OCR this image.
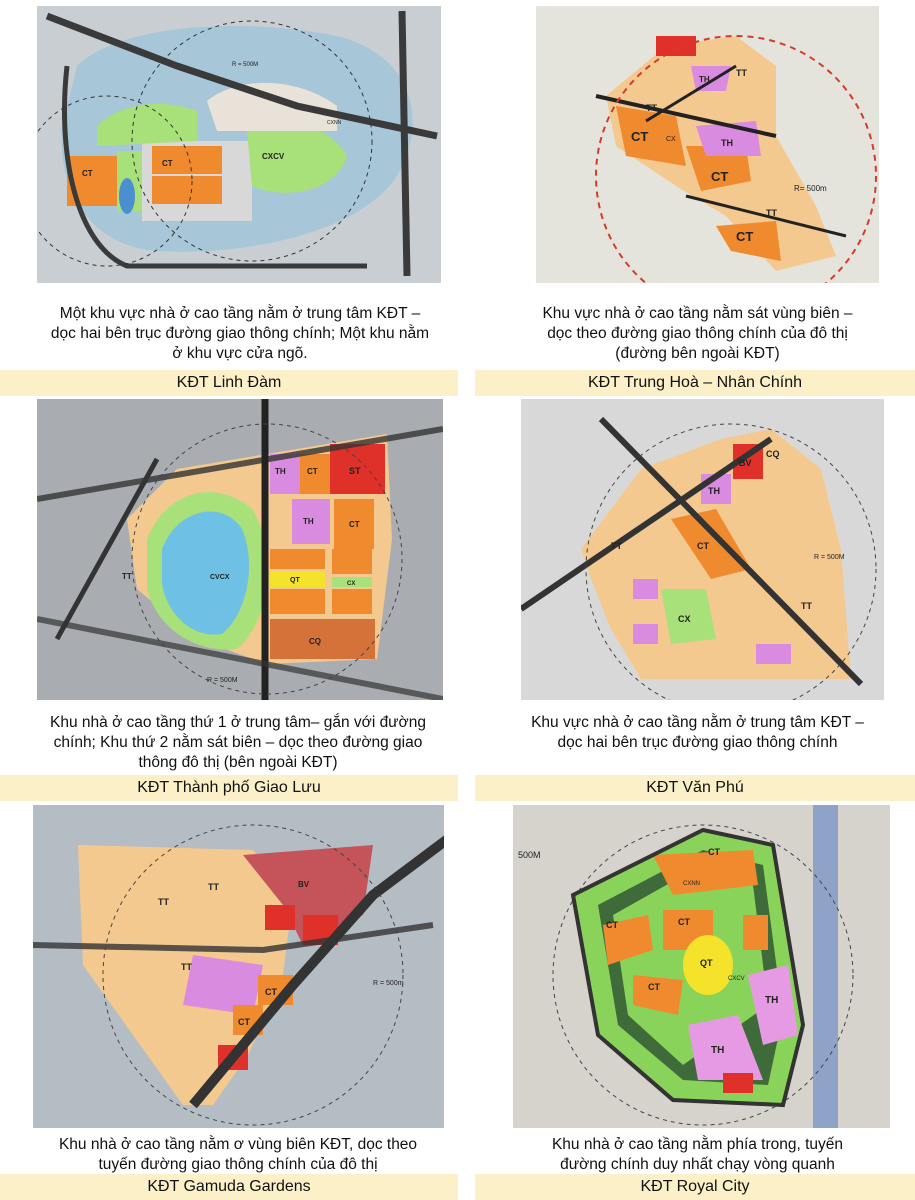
CT
CT
CXCV
R = 500M
CXNN
Một khu vực nhà ở cao tầng nằm ở trung tâm KĐT –
dọc hai bên trục đường giao thông chính; Một khu nằm
ở khu vực cửa ngõ.
KĐT Linh Đàm
CT
CT
CT
TT
TT
TT
TH
TH
CX
R= 500m
Khu vực nhà ở cao tầng nằm sát vùng biên –
dọc theo đường giao thông chính của đô thị
(đường bên ngoài KĐT)
KĐT Trung Hoà – Nhân Chính
CVCX
ST
CT
CT
TH
TH
QT	CX
CQ
TT
R = 500M
Khu nhà ở cao tầng thứ 1 ở trung tâm– gắn với đường
chính; Khu thứ 2 nằm sát biên – dọc theo đường giao
thông đô thị (bên ngoài KĐT)
KĐT Thành phố Giao Lưu
BV
CQ
TH
CX
CT
TT
TT
R = 500M
Khu vực nhà ở cao tầng nằm ở trung tâm KĐT –
dọc hai bên trục đường giao thông chính
KĐT Văn Phú
TT
TT
TT
BV
CT
CT
R = 500m
Khu nhà ở cao tầng nằm ơ vùng biên KĐT, dọc theo
tuyến đường giao thông chính của đô thị
KĐT Gamuda Gardens
CT
CT	CT
CT
QT
TH
TH
CXNN
CXCV
500M
Khu nhà ở cao tầng nằm phía trong, tuyến
đường chính duy nhất chạy vòng quanh
KĐT Royal City
